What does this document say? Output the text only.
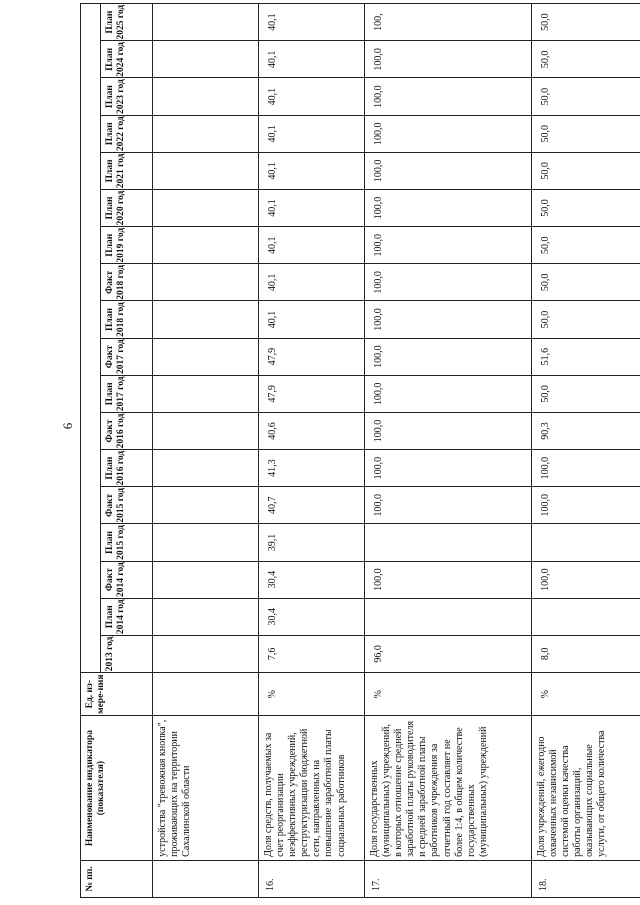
6
№ пп.	Наименование индикатора (показателя)	Ед. из-мере-ния																		
			2013 год	План 2014 год	Факт 2014 год	План 2015 год	Факт 2015 год	План 2016 год	Факт 2016 год	План 2017 год	Факт 2017 год	План 2018 год	Факт 2018 год	План 2019 год	План 2020 год	План 2021 год	План 2022 год	План 2023 год	План 2024 год	План 2025 год
	устройства "тревожная кнопка", проживающих на территории Сахалинской области																			
16.	Доля средств, получаемых за счет реорганизации неэффективных учреждений, реструктуризации бюджетной сети, направленных на повышение заработной платы социальных работников	%	7,6	30,4	30,4	39,1	40,7	41,3	40,6	47,9	47,9	40,1	40,1	40,1	40,1	40,1	40,1	40,1	40,1	40,1
17.	Доля государственных (муниципальных) учреждений, в которых отношение средней заработной платы руководителя и средней заработной платы работников учреждения за отчетный год составляет не более 1:4, в общем количестве государственных (муниципальных) учреждений	%	96,0		100,0		100,0	100,0	100,0	100,0	100,0	100,0	100,0	100,0	100,0	100,0	100,0	100,0	100,0	100,
18.	Доля учреждений, ежегодно охваченных независимой системой оценки качества работы организаций, оказывающих социальные услуги, от общего количества	%	8,0		100,0		100,0	100,0	90,3	50,0	51,6	50,0	50,0	50,0	50,0	50,0	50,0	50,0	50,0	50,0
